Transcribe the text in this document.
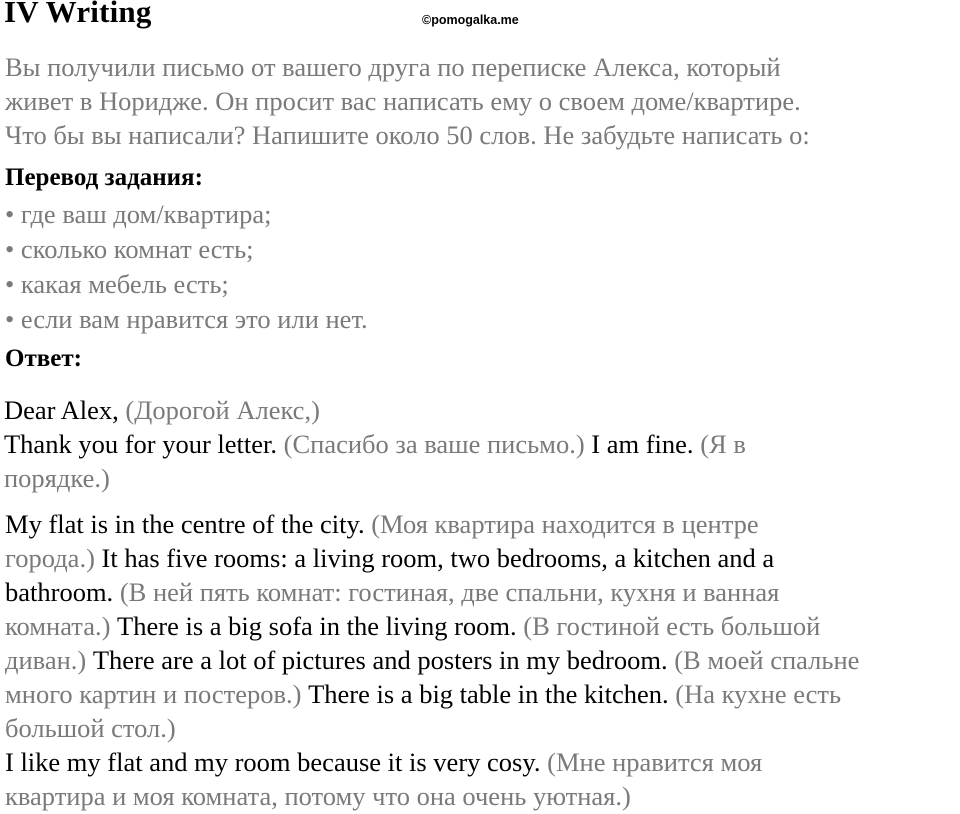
IV Writing	©pomogalka.me
Вы получили письмо от вашего друга по переписке Алекса, который
живет в Норидже. Он просит вас написать ему о своем доме/квартире.
Что бы вы написали? Напишите около 50 слов. Не забудьте написать о:
Перевод задания:
• где ваш дом/квартира;
• сколько комнат есть;
• какая мебель есть;
• если вам нравится это или нет.
Ответ:
Dear Alex, (Дорогой Алекс,)
Thank you for your letter. (Спасибо за ваше письмо.) I am fine. (Я в
порядке.)
My flat is in the centre of the city. (Моя квартира находится в центре
города.) It has five rooms: a living room, two bedrooms, a kitchen and a
bathroom. (В ней пять комнат: гостиная, две спальни, кухня и ванная
комната.) There is a big sofa in the living room. (В гостиной есть большой
диван.) There are a lot of pictures and posters in my bedroom. (В моей спальне
много картин и постеров.) There is a big table in the kitchen. (На кухне есть
большой стол.)
I like my flat and my room because it is very cosy. (Мне нравится моя
квартира и моя комната, потому что она очень уютная.)
